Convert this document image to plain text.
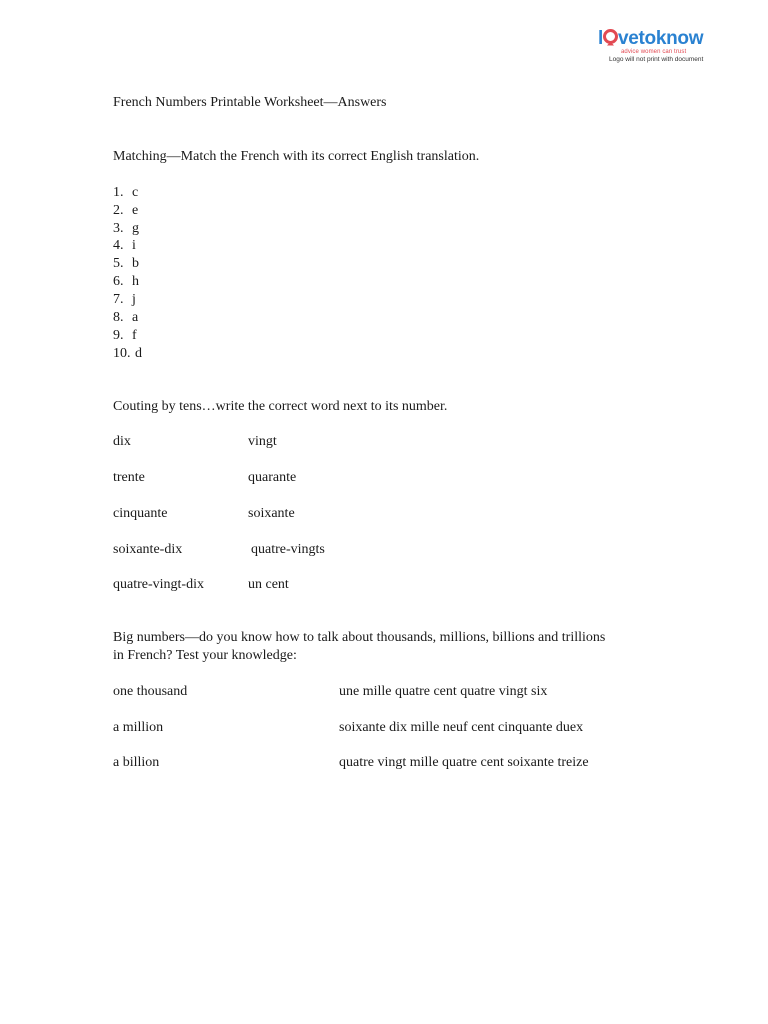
l vetoknow
advice women can trust
Logo will not print with document
French Numbers Printable Worksheet—Answers
Matching—Match the French with its correct English translation.
1. c
2. e
3. g
4. i
5. b
6. h
7. j
8. a
9. f
10. d
Couting by tens…write the correct word next to its number.
dix	vingt
trente	quarante
cinquante	soixante
soixante-dix	quatre-vingts
quatre-vingt-dix	un cent
Big numbers—do you know how to talk about thousands, millions, billions and trillions
in French? Test your knowledge:
one thousand	une mille quatre cent quatre vingt six
a million	soixante dix mille neuf cent cinquante duex
a billion	quatre vingt mille quatre cent soixante treize
